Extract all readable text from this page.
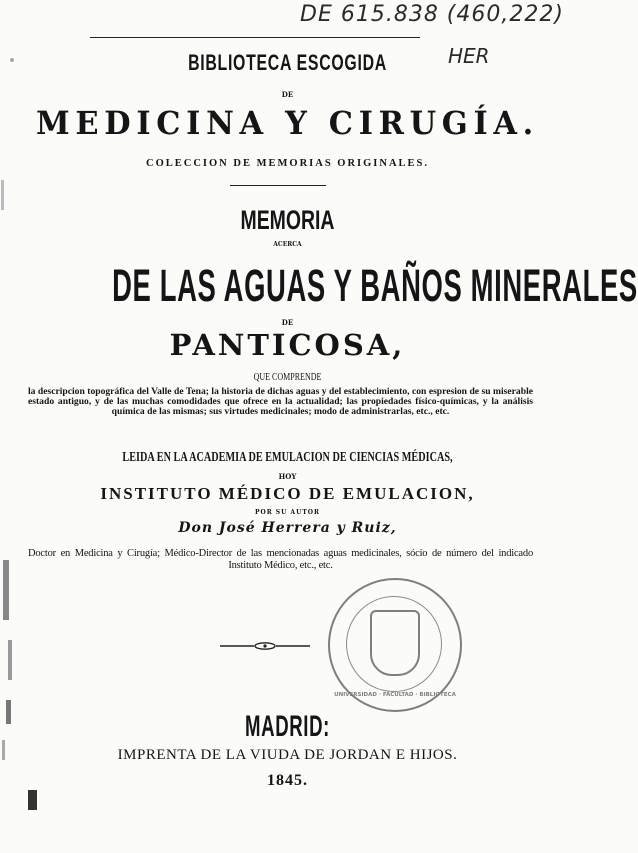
DE 615.838 (460,222)
HER
BIBLIOTECA ESCOGIDA
DE
MEDICINA Y CIRUGÍA.
COLECCION DE MEMORIAS ORIGINALES.
MEMORIA
ACERCA
DE LAS AGUAS Y BAÑOS MINERALES
DE
PANTICOSA,
QUE COMPRENDE
la descripcion topográfica del Valle de Tena; la historia de dichas aguas y del establecimiento, con espresion de su miserable estado antiguo, y de las muchas comodidades que ofrece en la actualidad; las propiedades físico-químicas, y la análisis química de las mismas; sus virtudes medicinales; modo de administrarlas, etc., etc.
LEIDA EN LA ACADEMIA DE EMULACION DE CIENCIAS MÉDICAS,
HOY
INSTITUTO MÉDICO DE EMULACION,
POR SU AUTOR
Don José Herrera y Ruiz,
Doctor en Medicina y Cirugía; Médico-Director de las mencionadas aguas medicinales, sócio de número del indicado Instituto Médico, etc., etc.
UNIVERSIDAD · FACULTAD · BIBLIOTECA
MADRID:
IMPRENTA DE LA VIUDA DE JORDAN E HIJOS.
1845.
